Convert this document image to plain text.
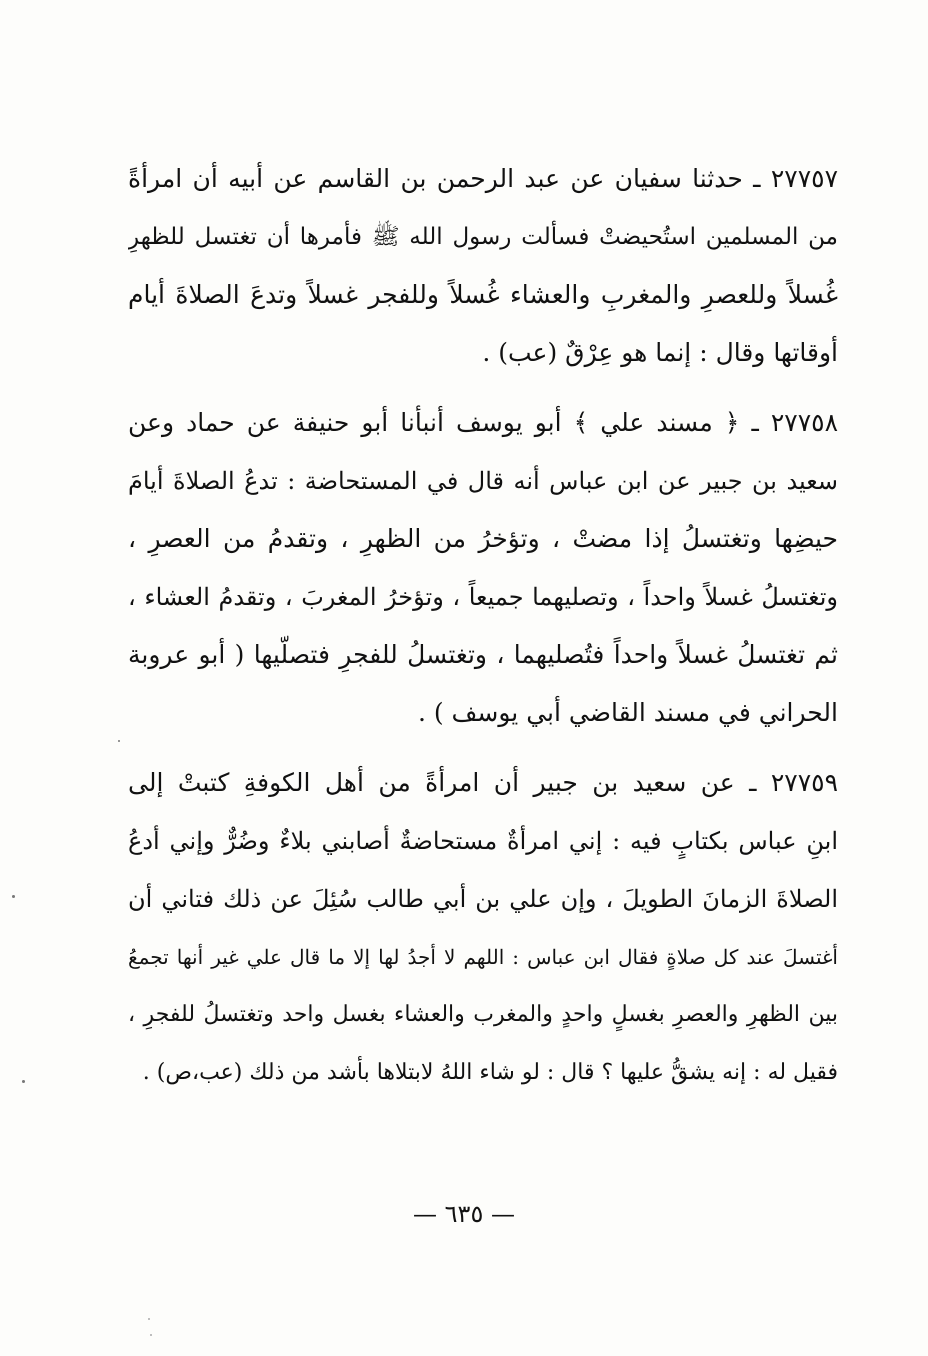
٢٧٧٥٧ ـ حدثنا سفيان عن عبد الرحمن بن القاسم عن أبيه أن امرأةً
من المسلمين استُحيضتْ فسألت رسول الله ﷺ فأمرها أن تغتسل للظهرِ
غُسلاً وللعصرِ والمغربِ والعشاء غُسلاً وللفجر غسلاً وتدعَ الصلاةَ أيام
أوقاتها وقال : إنما هو عِرْقٌ (عب) .
٢٧٧٥٨ ـ ﴿ مسند علي ﴾ أبو يوسف أنبأنا أبو حنيفة عن حماد وعن
سعيد بن جبير عن ابن عباس أنه قال في المستحاضة : تدعُ الصلاةَ أيامَ
حيضِها وتغتسلُ إذا مضتْ ، وتؤخرُ من الظهرِ ، وتقدمُ من العصرِ ،
وتغتسلُ غسلاً واحداً ، وتصليهما جميعاً ، وتؤخرُ المغربَ ، وتقدمُ العشاء ،
ثم تغتسلُ غسلاً واحداً فتُصليهما ، وتغتسلُ للفجرِ فتصلّيها ( أبو عروبة
الحراني في مسند القاضي أبي يوسف ) .
٢٧٧٥٩ ـ عن سعيد بن جبير أن امرأةً من أهل الكوفةِ كتبتْ إلى
ابنِ عباس بكتابٍ فيه : إني امرأةٌ مستحاضةٌ أصابني بلاءٌ وضُرٌّ وإني أدعُ
الصلاةَ الزمانَ الطويلَ ، وإن علي بن أبي طالب سُئِلَ عن ذلك فتاني أن
أغتسلَ عند كل صلاةٍ فقال ابن عباس : اللهم لا أجدُ لها إلا ما قال علي غير أنها تجمعُ
بين الظهرِ والعصرِ بغسلٍ واحدٍ والمغرب والعشاء بغسل واحد وتغتسلُ للفجرِ ،
فقيل له : إنه يشقُّ عليها ؟ قال : لو شاء اللهُ لابتلاها بأشد من ذلك (عب،ص) .
— ٦٣٥ —
